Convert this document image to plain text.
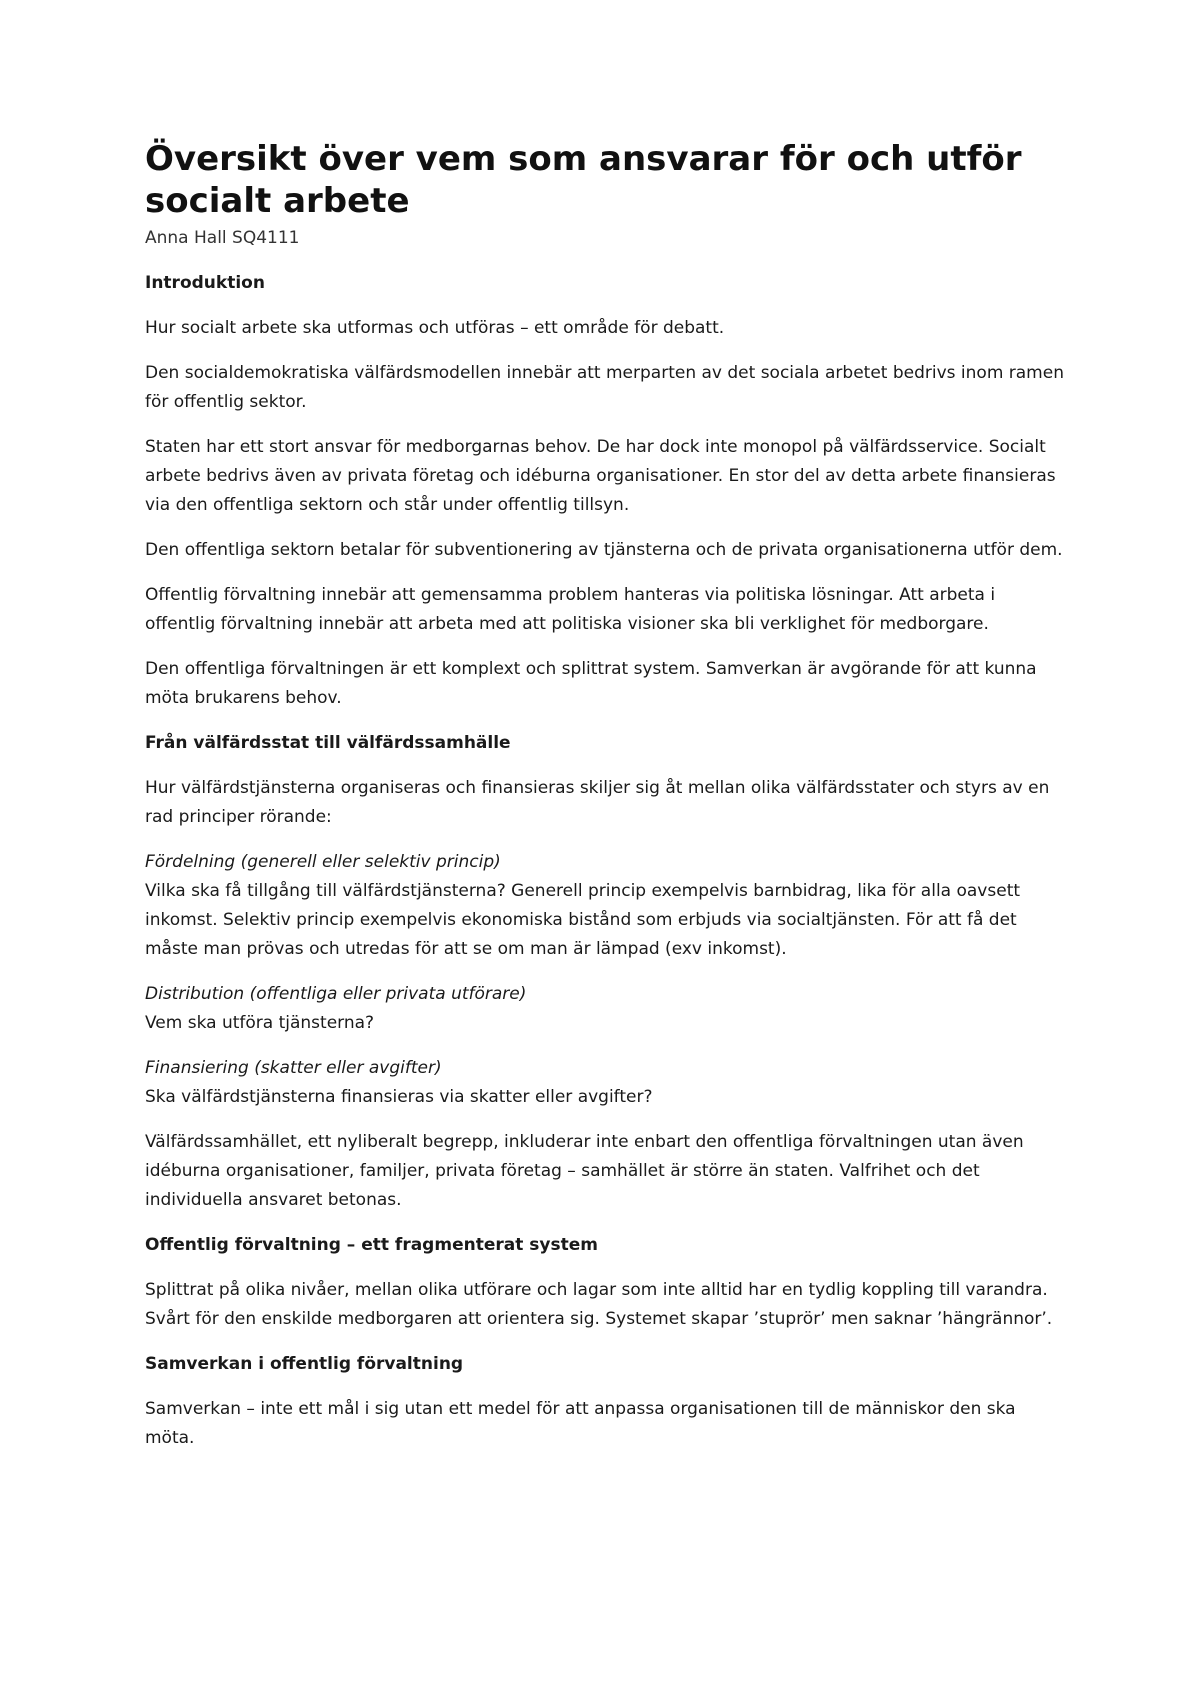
Översikt över vem som ansvarar för och utför socialt arbete
Anna Hall SQ4111
Introduktion

Hur socialt arbete ska utformas och utföras – ett område för debatt.

Den socialdemokratiska välfärdsmodellen innebär att merparten av det sociala arbetet bedrivs inom ramen för offentlig sektor.

Staten har ett stort ansvar för medborgarnas behov. De har dock inte monopol på välfärdsservice. Socialt arbete bedrivs även av privata företag och idéburna organisationer. En stor del av detta arbete finansieras via den offentliga sektorn och står under offentlig tillsyn.

Den offentliga sektorn betalar för subventionering av tjänsterna och de privata organisationerna utför dem.

Offentlig förvaltning innebär att gemensamma problem hanteras via politiska lösningar. Att arbeta i offentlig förvaltning innebär att arbeta med att politiska visioner ska bli verklighet för medborgare.

Den offentliga förvaltningen är ett komplext och splittrat system. Samverkan är avgörande för att kunna möta brukarens behov.

Från välfärdsstat till välfärdssamhälle

Hur välfärdstjänsterna organiseras och finansieras skiljer sig åt mellan olika välfärdsstater och styrs av en rad principer rörande:

Fördelning (generell eller selektiv princip)
Vilka ska få tillgång till välfärdstjänsterna? Generell princip exempelvis barnbidrag, lika för alla oavsett inkomst. Selektiv princip exempelvis ekonomiska bistånd som erbjuds via socialtjänsten. För att få det måste man prövas och utredas för att se om man är lämpad (exv inkomst).
Distribution (offentliga eller privata utförare)
Vem ska utföra tjänsterna?
Finansiering (skatter eller avgifter)
Ska välfärdstjänsterna finansieras via skatter eller avgifter?

Välfärdssamhället, ett nyliberalt begrepp, inkluderar inte enbart den offentliga förvaltningen utan även idéburna organisationer, familjer, privata företag – samhället är större än staten. Valfrihet och det individuella ansvaret betonas.

Offentlig förvaltning – ett fragmenterat system

Splittrat på olika nivåer, mellan olika utförare och lagar som inte alltid har en tydlig koppling till varandra. Svårt för den enskilde medborgaren att orientera sig. Systemet skapar ’stuprör’ men saknar ’hängrännor’.

Samverkan i offentlig förvaltning

Samverkan – inte ett mål i sig utan ett medel för att anpassa organisationen till de människor den ska möta.
